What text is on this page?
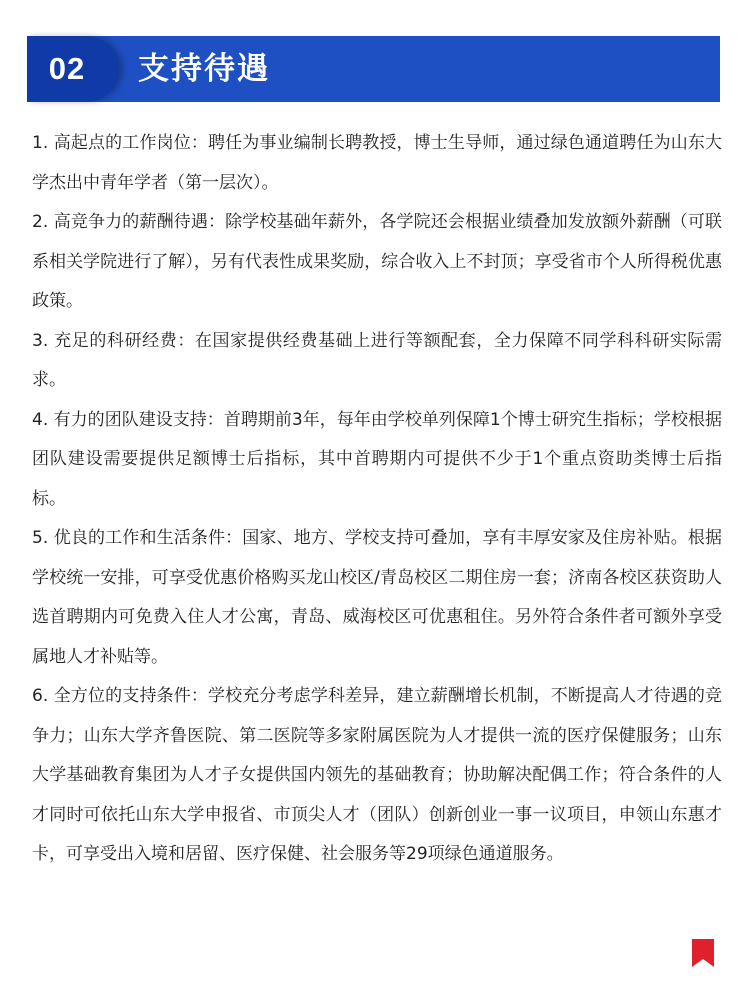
02	支持待遇

1. 高起点的工作岗位：聘任为事业编制长聘教授，博士生导师，通过绿色通道聘任为山东大学杰出中青年学者（第一层次）。

2. 高竞争力的薪酬待遇：除学校基础年薪外，各学院还会根据业绩叠加发放额外薪酬（可联系相关学院进行了解），另有代表性成果奖励，综合收入上不封顶；享受省市个人所得税优惠政策。

3. 充足的科研经费：在国家提供经费基础上进行等额配套，全力保障不同学科科研实际需求。

4. 有力的团队建设支持：首聘期前3年，每年由学校单列保障1个博士研究生指标；学校根据团队建设需要提供足额博士后指标，其中首聘期内可提供不少于1个重点资助类博士后指标。

5. 优良的工作和生活条件：国家、地方、学校支持可叠加，享有丰厚安家及住房补贴。根据学校统一安排，可享受优惠价格购买龙山校区/青岛校区二期住房一套；济南各校区获资助人选首聘期内可免费入住人才公寓，青岛、威海校区可优惠租住。另外符合条件者可额外享受属地人才补贴等。

6. 全方位的支持条件：学校充分考虑学科差异，建立薪酬增长机制，不断提高人才待遇的竞争力；山东大学齐鲁医院、第二医院等多家附属医院为人才提供一流的医疗保健服务；山东大学基础教育集团为人才子女提供国内领先的基础教育；协助解决配偶工作；符合条件的人才同时可依托山东大学申报省、市顶尖人才（团队）创新创业一事一议项目，申领山东惠才卡，可享受出入境和居留、医疗保健、社会服务等29项绿色通道服务。
